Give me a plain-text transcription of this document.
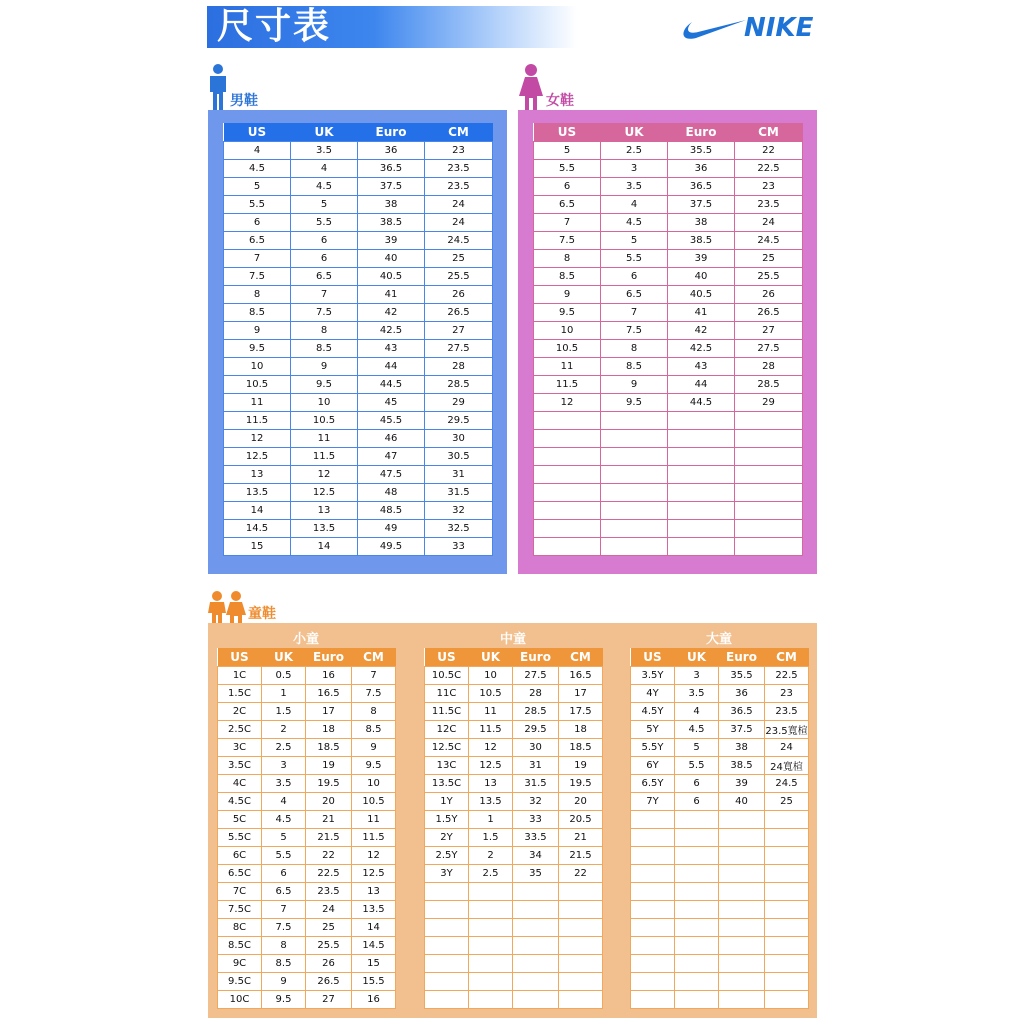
尺寸表	NIKE
男鞋	女鞋
童鞋
US	UK	Euro	CM
4	3.5	36	23
4.5	4	36.5	23.5
5	4.5	37.5	23.5
5.5	5	38	24
6	5.5	38.5	24
6.5	6	39	24.5
7	6	40	25
7.5	6.5	40.5	25.5
8	7	41	26
8.5	7.5	42	26.5
9	8	42.5	27
9.5	8.5	43	27.5
10	9	44	28
10.5	9.5	44.5	28.5
11	10	45	29
11.5	10.5	45.5	29.5
12	11	46	30
12.5	11.5	47	30.5
13	12	47.5	31
13.5	12.5	48	31.5
14	13	48.5	32
14.5	13.5	49	32.5
15	14	49.5	33
US	UK	Euro	CM
5	2.5	35.5	22
5.5	3	36	22.5
6	3.5	36.5	23
6.5	4	37.5	23.5
7	4.5	38	24
7.5	5	38.5	24.5
8	5.5	39	25
8.5	6	40	25.5
9	6.5	40.5	26
9.5	7	41	26.5
10	7.5	42	27
10.5	8	42.5	27.5
11	8.5	43	28
11.5	9	44	28.5
12	9.5	44.5	29

小童	中童	大童
US	UK	Euro	CM
1C	0.5	16	7
1.5C	1	16.5	7.5
2C	1.5	17	8
2.5C	2	18	8.5
3C	2.5	18.5	9
3.5C	3	19	9.5
4C	3.5	19.5	10
4.5C	4	20	10.5
5C	4.5	21	11
5.5C	5	21.5	11.5
6C	5.5	22	12
6.5C	6	22.5	12.5
7C	6.5	23.5	13
7.5C	7	24	13.5
8C	7.5	25	14
8.5C	8	25.5	14.5
9C	8.5	26	15
9.5C	9	26.5	15.5
10C	9.5	27	16
US	UK	Euro	CM
10.5C	10	27.5	16.5
11C	10.5	28	17
11.5C	11	28.5	17.5
12C	11.5	29.5	18
12.5C	12	30	18.5
13C	12.5	31	19
13.5C	13	31.5	19.5
1Y	13.5	32	20
1.5Y	1	33	20.5
2Y	1.5	33.5	21
2.5Y	2	34	21.5
3Y	2.5	35	22

US	UK	Euro	CM
3.5Y	3	35.5	22.5
4Y	3.5	36	23
4.5Y	4	36.5	23.5
5Y	4.5	37.5	23.5寬楦
5.5Y	5	38	24
6Y	5.5	38.5	24寬楦
6.5Y	6	39	24.5
7Y	6	40	25
